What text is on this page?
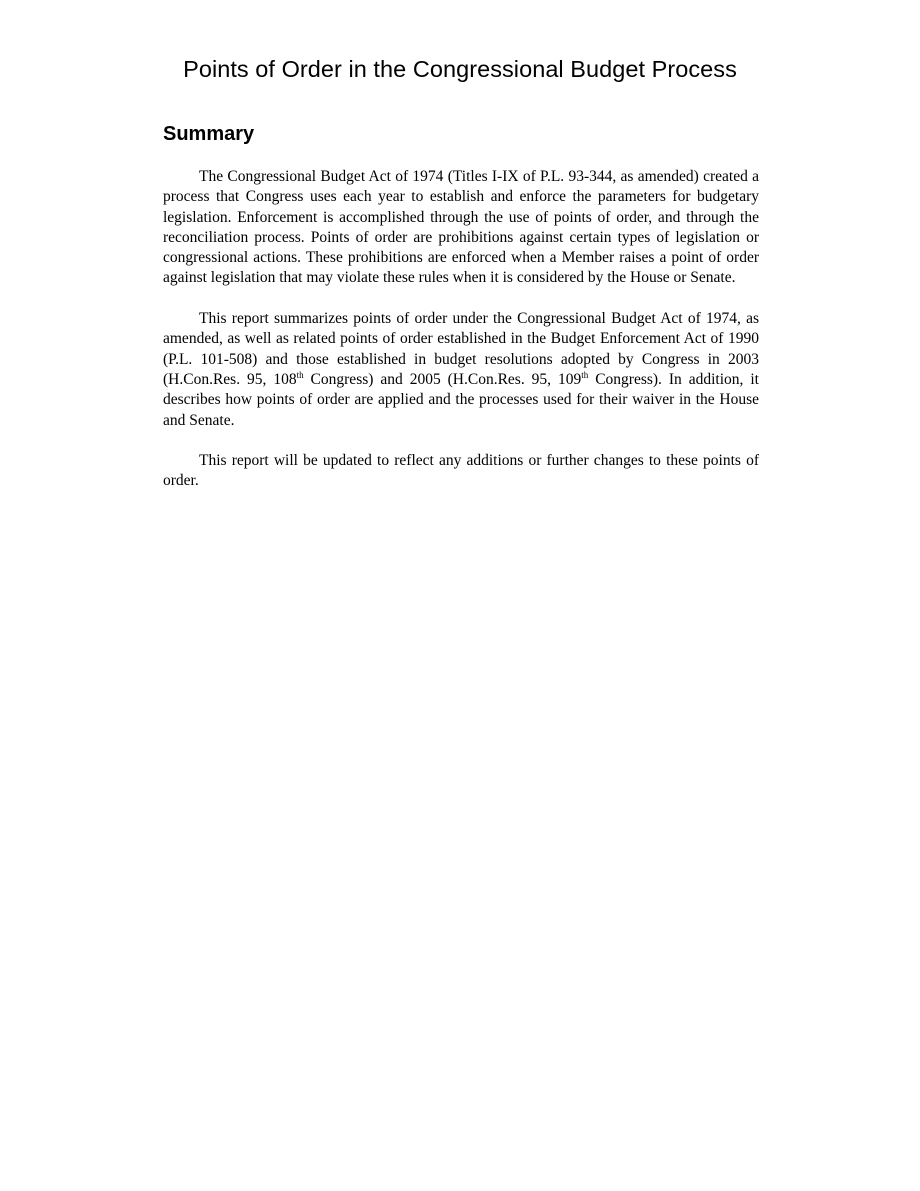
Points of Order in the Congressional Budget Process
Summary

The Congressional Budget Act of 1974 (Titles I-IX of P.L. 93-344, as amended) created a process that Congress uses each year to establish and enforce the parameters for budgetary legislation. Enforcement is accomplished through the use of points of order, and through the reconciliation process. Points of order are prohibitions against certain types of legislation or congressional actions. These prohibitions are enforced when a Member raises a point of order against legislation that may violate these rules when it is considered by the House or Senate.

This report summarizes points of order under the Congressional Budget Act of 1974, as amended, as well as related points of order established in the Budget Enforcement Act of 1990 (P.L. 101-508) and those established in budget resolutions adopted by Congress in 2003 (H.Con.Res. 95, 108th Congress) and 2005 (H.Con.Res. 95, 109th Congress). In addition, it describes how points of order are applied and the processes used for their waiver in the House and Senate.

This report will be updated to reflect any additions or further changes to these points of order.
